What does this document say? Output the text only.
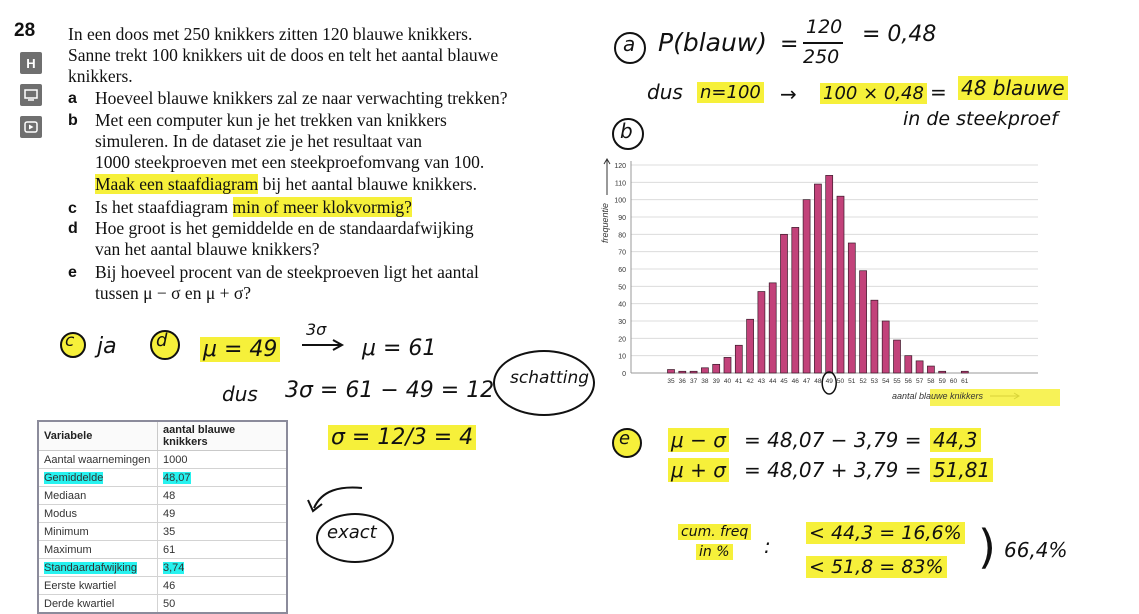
28
H
In een doos met 250 knikkers zitten 120 blauwe knikkers.
Sanne trekt 100 knikkers uit de doos en telt het aantal blauwe
knikkers.
a Hoeveel blauwe knikkers zal ze naar verwachting trekken?
b Met een computer kun je het trekken van knikkers
simuleren. In de dataset zie je het resultaat van
1000 steekproeven met een steekproefomvang van 100.
Maak een staafdiagram bij het aantal blauwe knikkers.
c Is het staafdiagram min of meer klokvormig?
d Hoe groot is het gemiddelde en de standaardafwijking
van het aantal blauwe knikkers?
e Bij hoeveel procent van de steekproeven ligt het aantal
tussen μ − σ en μ + σ?
a P(blauw) =
120
250
= 0,48
dus n=100 → 100 × 0,48 = 48 blauwe
in de steekproef
b
c ja d μ = 49
3σ
μ = 61
dus 3σ = 61 − 49 = 12 schatting
σ = 12/3 = 4
exact
e μ − σ = 48,07 − 3,79 = 44,3
μ + σ = 48,07 + 3,79 = 51,81
cum. freq
in % :
< 44,3 = 16,6%
< 51,8 = 83% ) 66,4%
frequentie
0
10
20
30
40
50
60
70
80
90
100
110
120
35 36 37 38 39 40 41 42 43 44 45 46 47 48 49 50 51 52 53 54 55 56 57 58 59 60 61
aantal blauwe knikkers
Variabele	aantal blauwe knikkers
Aantal waarnemingen	1000
Gemiddelde	48,07
Mediaan	48
Modus	49
Minimum	35
Maximum	61
Standaardafwijking	3,74
Eerste kwartiel	46
Derde kwartiel	50
